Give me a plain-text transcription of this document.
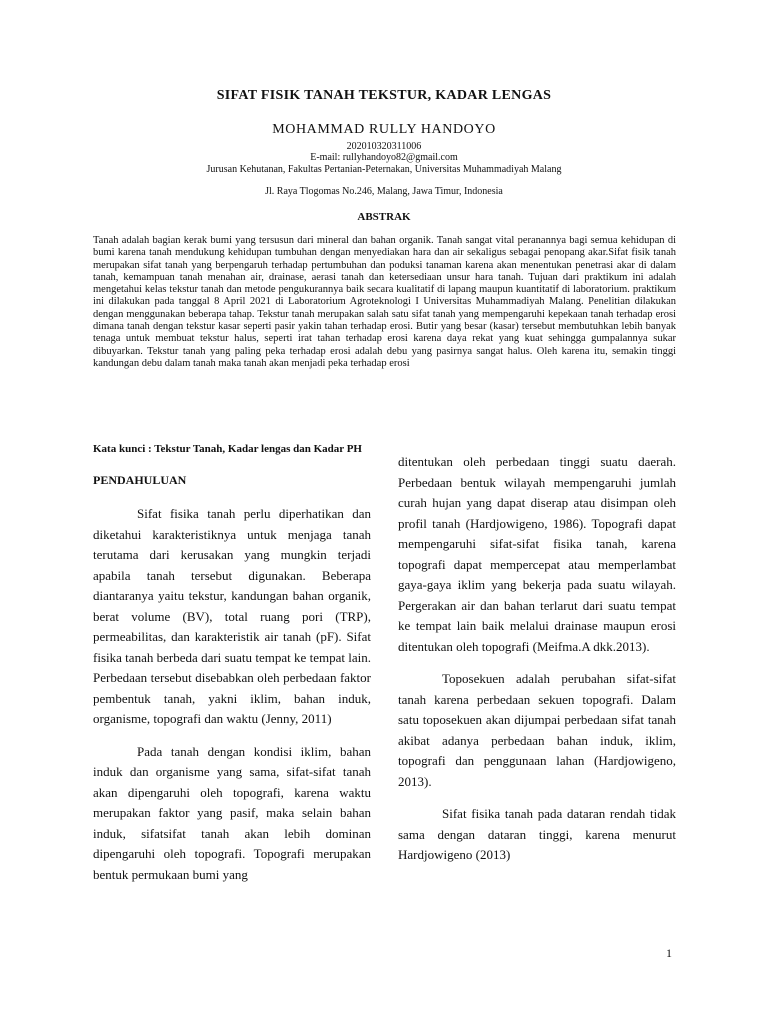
SIFAT FISIK TANAH TEKSTUR, KADAR LENGAS
MOHAMMAD RULLY HANDOYO
202010320311006
E-mail: rullyhandoyo82@gmail.com
Jurusan Kehutanan, Fakultas Pertanian-Peternakan, Universitas Muhammadiyah Malang
Jl. Raya Tlogomas No.246, Malang, Jawa Timur, Indonesia
ABSTRAK

Tanah adalah bagian kerak bumi yang tersusun dari mineral dan bahan organik. Tanah sangat vital peranannya bagi semua kehidupan di bumi karena tanah mendukung kehidupan tumbuhan dengan menyediakan hara dan air sekaligus sebagai penopang akar.Sifat fisik tanah merupakan sifat tanah yang berpengaruh terhadap pertumbuhan dan poduksi tanaman karena akan menentukan penetrasi akar di dalam tanah, kemampuan tanah menahan air, drainase, aerasi tanah dan ketersediaan unsur hara tanah. Tujuan dari praktikum ini adalah mengetahui kelas tekstur tanah dan metode pengukurannya baik secara kualitatif di lapang maupun kuantitatif di laboratorium. praktikum ini dilakukan pada tanggal 8 April 2021 di Laboratorium Agroteknologi I Universitas Muhammadiyah Malang. Penelitian dilakukan dengan menggunakan beberapa tahap. Tekstur tanah merupakan salah satu sifat tanah yang mempengaruhi kepekaan tanah terhadap erosi dimana tanah dengan tekstur kasar seperti pasir yakin tahan terhadap erosi. Butir yang besar (kasar) tersebut membutuhkan lebih banyak tenaga untuk membuat tekstur halus, seperti irat tahan terhadap erosi karena daya rekat yang kuat sehingga gumpalannya sukar dibuyarkan. Tekstur tanah yang paling peka terhadap erosi adalah debu yang pasirnya sangat halus. Oleh karena itu, semakin tinggi kandungan debu dalam tanah maka tanah akan menjadi peka terhadap erosi

Kata kunci : Tekstur Tanah, Kadar lengas dan Kadar PH
PENDAHULUAN

Sifat fisika tanah perlu diperhatikan dan diketahui karakteristiknya untuk menjaga tanah terutama dari kerusakan yang mungkin terjadi apabila tanah tersebut digunakan. Beberapa diantaranya yaitu tekstur, kandungan bahan organik, berat volume (BV), total ruang pori (TRP), permeabilitas, dan karakteristik air tanah (pF). Sifat fisika tanah berbeda dari suatu tempat ke tempat lain. Perbedaan tersebut disebabkan oleh perbedaan faktor pembentuk tanah, yakni iklim, bahan induk, organisme, topografi dan waktu (Jenny, 2011)

Pada tanah dengan kondisi iklim, bahan induk dan organisme yang sama, sifat-sifat tanah akan dipengaruhi oleh topografi, karena waktu merupakan faktor yang pasif, maka selain bahan induk, sifatsifat tanah akan lebih dominan dipengaruhi oleh topografi. Topografi merupakan bentuk permukaan bumi yang

ditentukan oleh perbedaan tinggi suatu daerah. Perbedaan bentuk wilayah mempengaruhi jumlah curah hujan yang dapat diserap atau disimpan oleh profil tanah (Hardjowigeno, 1986). Topografi dapat mempengaruhi sifat-sifat fisika tanah, karena topografi dapat mempercepat atau memperlambat gaya-gaya iklim yang bekerja pada suatu wilayah. Pergerakan air dan bahan terlarut dari suatu tempat ke tempat lain baik melalui drainase maupun erosi ditentukan oleh topografi (Meifma.A dkk.2013).

Toposekuen adalah perubahan sifat-sifat tanah karena perbedaan sekuen topografi. Dalam satu toposekuen akan dijumpai perbedaan sifat tanah akibat adanya perbedaan bahan induk, iklim, topografi dan penggunaan lahan (Hardjowigeno, 2013).

Sifat fisika tanah pada dataran rendah tidak sama dengan dataran tinggi, karena menurut Hardjowigeno (2013)

1
